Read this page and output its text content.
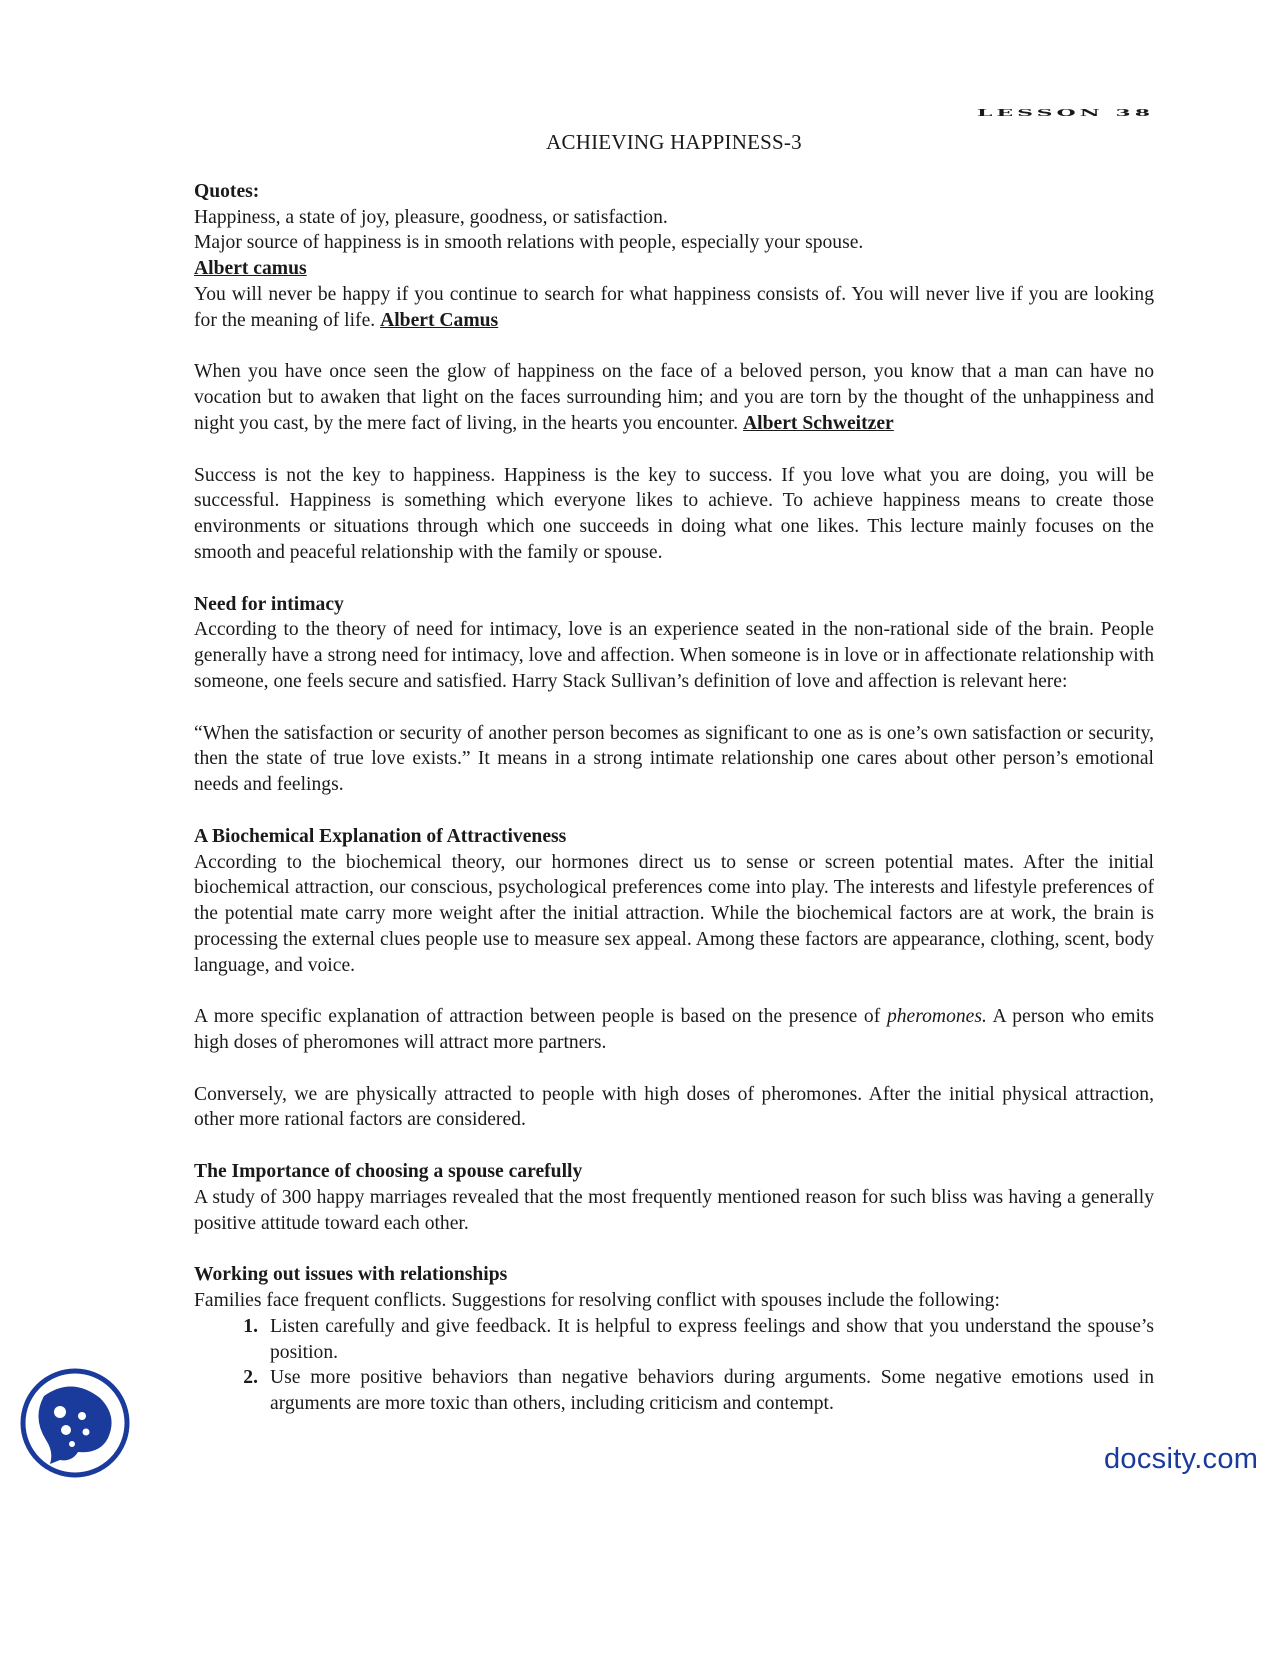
LESSON 38
ACHIEVING HAPPINESS-3

Quotes:

Happiness, a state of joy, pleasure, goodness, or satisfaction.

Major source of happiness is in smooth relations with people, especially your spouse.

Albert camus

You will never be happy if you continue to search for what happiness consists of. You will never live if you are looking for the meaning of life. Albert Camus

When you have once seen the glow of happiness on the face of a beloved person, you know that a man can have no vocation but to awaken that light on the faces surrounding him; and you are torn by the thought of the unhappiness and night you cast, by the mere fact of living, in the hearts you encounter. Albert Schweitzer

Success is not the key to happiness. Happiness is the key to success. If you love what you are doing, you will be successful. Happiness is something which everyone likes to achieve. To achieve happiness means to create those environments or situations through which one succeeds in doing what one likes. This lecture mainly focuses on the smooth and peaceful relationship with the family or spouse.

Need for intimacy

According to the theory of need for intimacy, love is an experience seated in the non-rational side of the brain. People generally have a strong need for intimacy, love and affection. When someone is in love or in affectionate relationship with someone, one feels secure and satisfied. Harry Stack Sullivan’s definition of love and affection is relevant here:

“When the satisfaction or security of another person becomes as significant to one as is one’s own satisfaction or security, then the state of true love exists.” It means in a strong intimate relationship one cares about other person’s emotional needs and feelings.

A Biochemical Explanation of Attractiveness

According to the biochemical theory, our hormones direct us to sense or screen potential mates. After the initial biochemical attraction, our conscious, psychological preferences come into play. The interests and lifestyle preferences of the potential mate carry more weight after the initial attraction. While the biochemical factors are at work, the brain is processing the external clues people use to measure sex appeal. Among these factors are appearance, clothing, scent, body language, and voice.

A more specific explanation of attraction between people is based on the presence of pheromones. A person who emits high doses of pheromones will attract more partners.

Conversely, we are physically attracted to people with high doses of pheromones. After the initial physical attraction, other more rational factors are considered.

The Importance of choosing a spouse carefully

A study of 300 happy marriages revealed that the most frequently mentioned reason for such bliss was having a generally positive attitude toward each other.

Working out issues with relationships

Families face frequent conflicts. Suggestions for resolving conflict with spouses include the following:

1. Listen carefully and give feedback. It is helpful to express feelings and show that you understand the spouse’s position.
2. Use more positive behaviors than negative behaviors during arguments. Some negative emotions used in arguments are more toxic than others, including criticism and contempt.
docsity.com
